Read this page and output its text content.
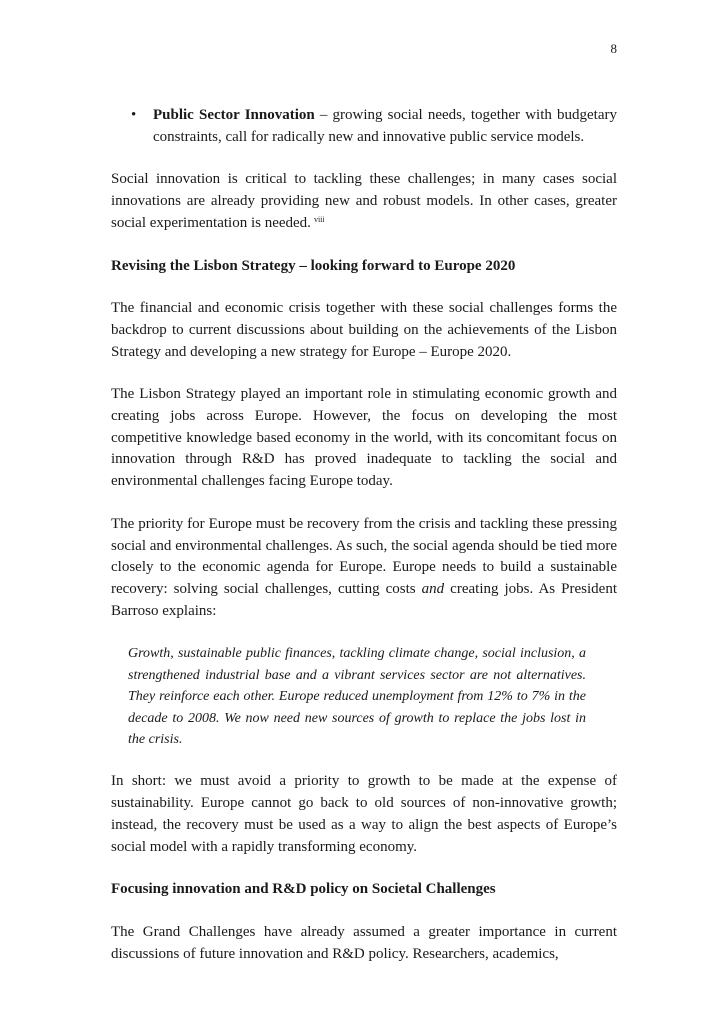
8
• Public Sector Innovation – growing social needs, together with budgetary constraints, call for radically new and innovative public service models.

Social innovation is critical to tackling these challenges; in many cases social innovations are already providing new and robust models. In other cases, greater social experimentation is needed. $^{viii}$

Revising the Lisbon Strategy – looking forward to Europe 2020

The financial and economic crisis together with these social challenges forms the backdrop to current discussions about building on the achievements of the Lisbon Strategy and developing a new strategy for Europe – Europe 2020.

The Lisbon Strategy played an important role in stimulating economic growth and creating jobs across Europe. However, the focus on developing the most competitive knowledge based economy in the world, with its concomitant focus on innovation through R&D has proved inadequate to tackling the social and environmental challenges facing Europe today.

The priority for Europe must be recovery from the crisis and tackling these pressing social and environmental challenges. As such, the social agenda should be tied more closely to the economic agenda for Europe. Europe needs to build a sustainable recovery: solving social challenges, cutting costs and creating jobs. As President Barroso explains:

Growth, sustainable public finances, tackling climate change, social inclusion, a strengthened industrial base and a vibrant services sector are not alternatives. They reinforce each other. Europe reduced unemployment from 12% to 7% in the decade to 2008. We now need new sources of growth to replace the jobs lost in the crisis.

In short: we must avoid a priority to growth to be made at the expense of sustainability. Europe cannot go back to old sources of non-innovative growth; instead, the recovery must be used as a way to align the best aspects of Europe’s social model with a rapidly transforming economy.

Focusing innovation and R&D policy on Societal Challenges

The Grand Challenges have already assumed a greater importance in current discussions of future innovation and R&D policy. Researchers, academics,
